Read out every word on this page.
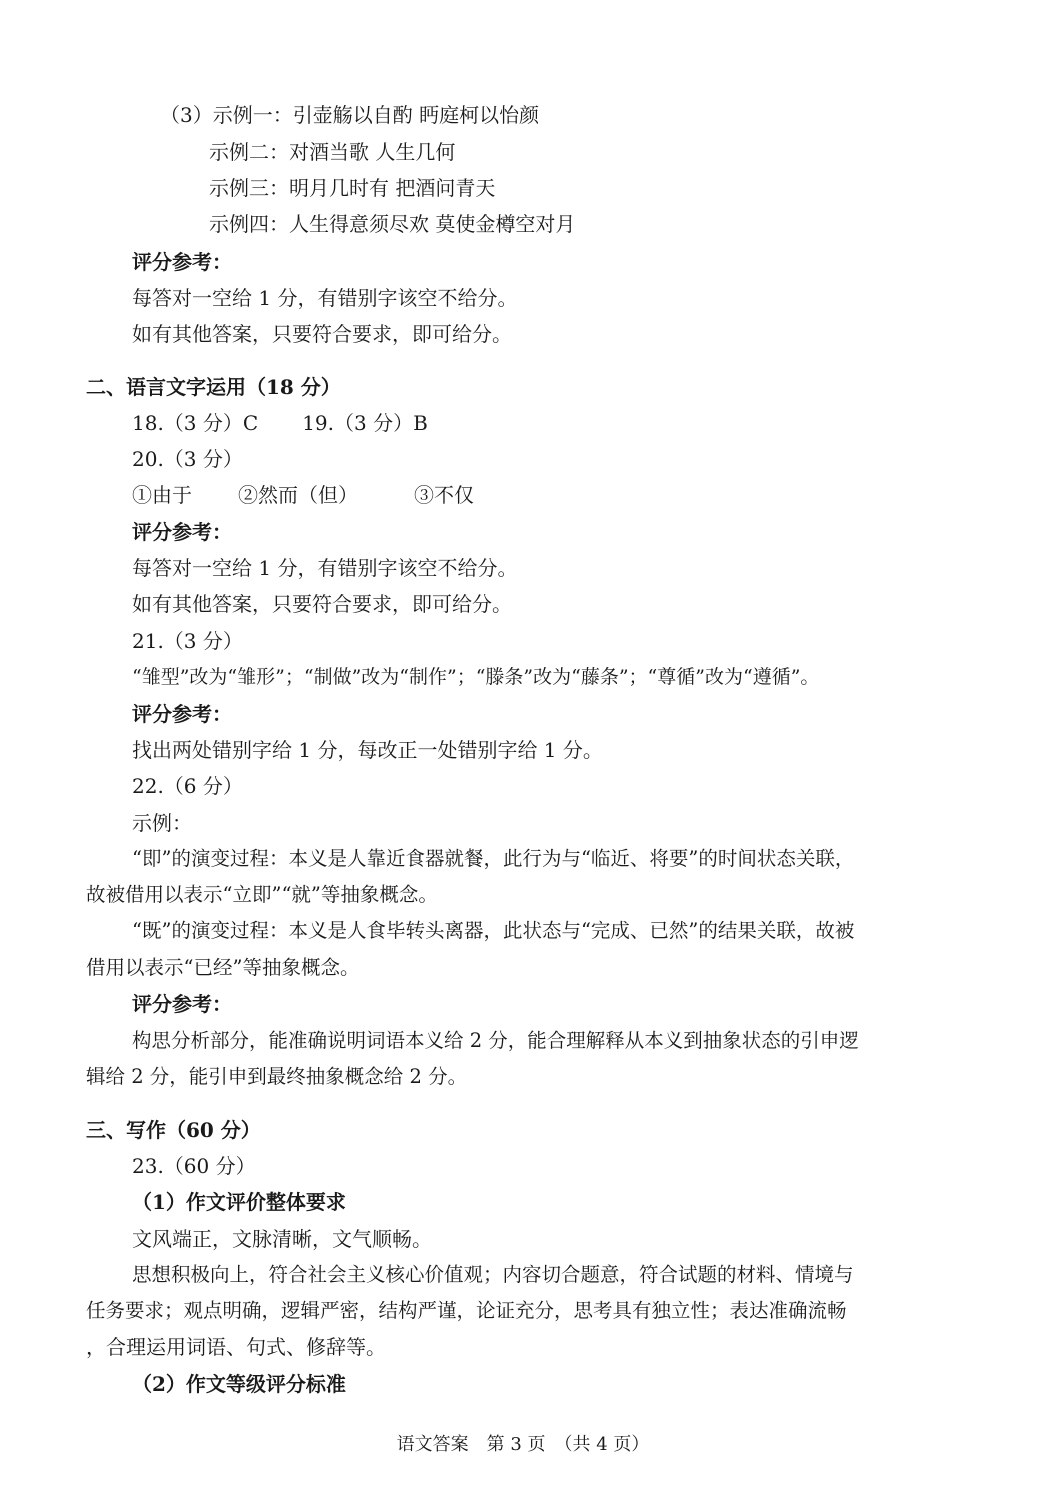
（3）示例一：引壶觞以自酌 眄庭柯以怡颜
示例二：对酒当歌 人生几何
示例三：明月几时有 把酒问青天
示例四：人生得意须尽欢 莫使金樽空对月
评分参考：
每答对一空给 1 分，有错别字该空不给分。
如有其他答案，只要符合要求，即可给分。
二、语言文字运用（18 分）
18.（3 分）C 19.（3 分）B
20.（3 分）
①由于 ②然而（但）	③不仅
评分参考：
每答对一空给 1 分，有错别字该空不给分。
如有其他答案，只要符合要求，即可给分。
21.（3 分）
“雏型”改为“雏形”；“制做”改为“制作”；“滕条”改为“藤条”；“尊循”改为“遵循”。
评分参考：
找出两处错别字给 1 分，每改正一处错别字给 1 分。
22.（6 分）
示例：
“即”的演变过程：本义是人靠近食器就餐，此行为与“临近、将要”的时间状态关联，
故被借用以表示“立即”“就”等抽象概念。
“既”的演变过程：本义是人食毕转头离器，此状态与“完成、已然”的结果关联，故被
借用以表示“已经”等抽象概念。
评分参考：
构思分析部分，能准确说明词语本义给 2 分，能合理解释从本义到抽象状态的引申逻
辑给 2 分，能引申到最终抽象概念给 2 分。
三、写作（60 分）
23.（60 分）
（1）作文评价整体要求
文风端正，文脉清晰，文气顺畅。
思想积极向上，符合社会主义核心价值观；内容切合题意，符合试题的材料、情境与
任务要求；观点明确，逻辑严密，结构严谨，论证充分，思考具有独立性；表达准确流畅
，合理运用词语、句式、修辞等。
（2）作文等级评分标准
语文答案　第 3 页　（共 4 页）
